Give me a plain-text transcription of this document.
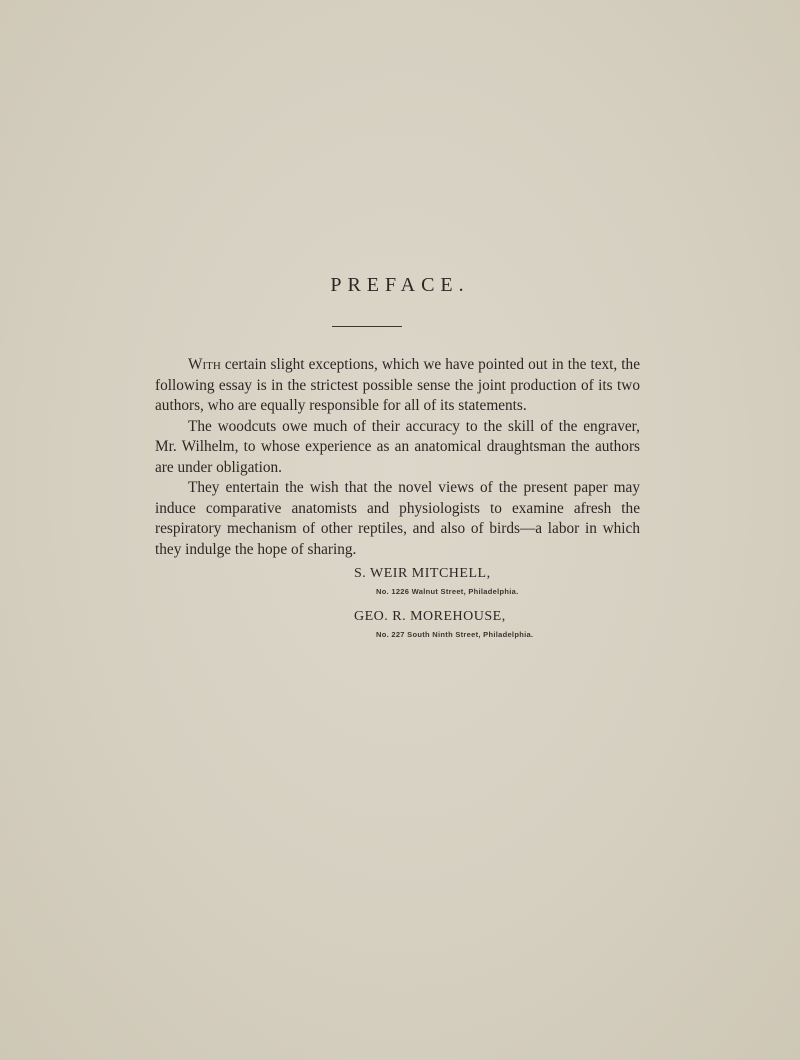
PREFACE.

With certain slight exceptions, which we have pointed out in the text, the following essay is in the strictest possible sense the joint production of its two authors, who are equally responsible for all of its statements.

The woodcuts owe much of their accuracy to the skill of the engraver, Mr. Wilhelm, to whose experience as an anatomical draughtsman the authors are under obligation.

They entertain the wish that the novel views of the present paper may induce comparative anatomists and physiologists to examine afresh the respiratory mechanism of other reptiles, and also of birds—a labor in which they indulge the hope of sharing.

S. WEIR MITCHELL,
No. 1226 Walnut Street, Philadelphia.
GEO. R. MOREHOUSE,
No. 227 South Ninth Street, Philadelphia.
